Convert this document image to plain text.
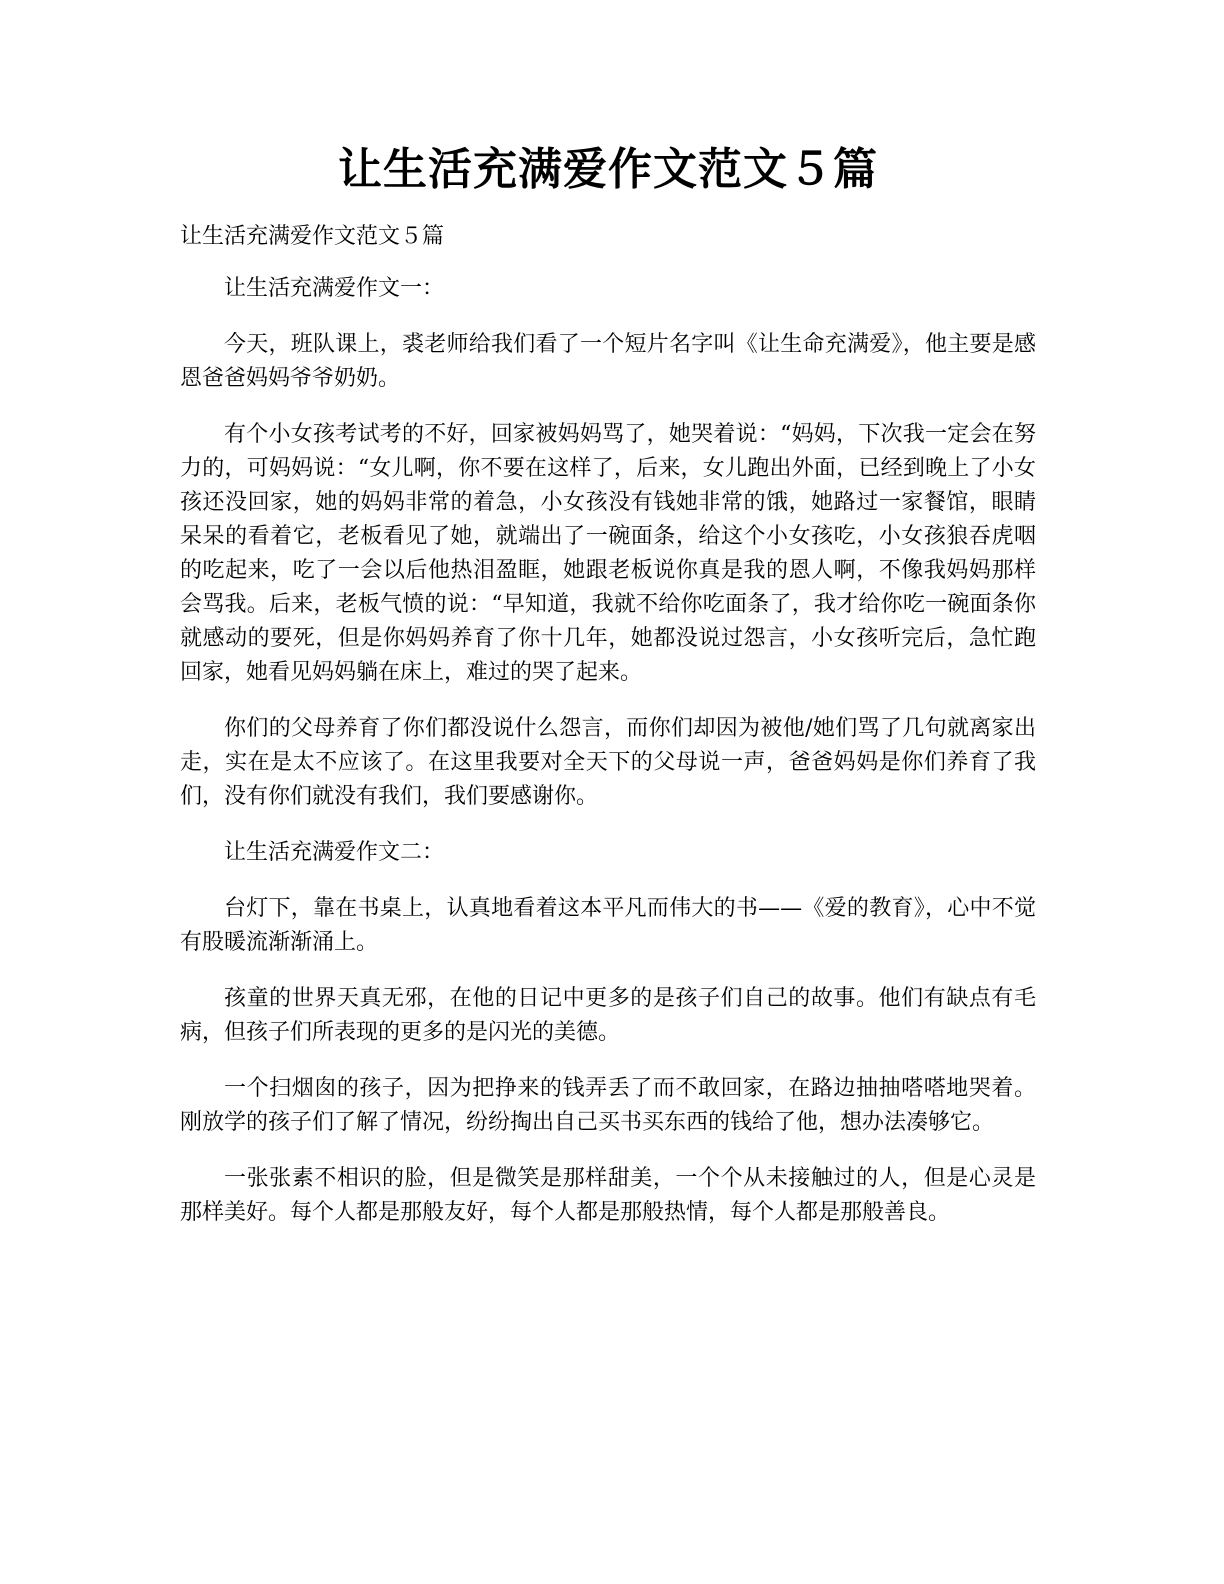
让生活充满爱作文范文５篇

让生活充满爱作文范文５篇

让生活充满爱作文一：

今天，班队课上，裘老师给我们看了一个短片名字叫《让生命充满爱》，他主要是感恩爸爸妈妈爷爷奶奶。

有个小女孩考试考的不好，回家被妈妈骂了，她哭着说：“妈妈，下次我一定会在努力的，可妈妈说：“女儿啊，你不要在这样了，后来，女儿跑出外面，已经到晚上了小女孩还没回家，她的妈妈非常的着急，小女孩没有钱她非常的饿，她路过一家餐馆，眼睛呆呆的看着它，老板看见了她，就端出了一碗面条，给这个小女孩吃，小女孩狼吞虎咽的吃起来，吃了一会以后他热泪盈眶，她跟老板说你真是我的恩人啊，不像我妈妈那样会骂我。后来，老板气愤的说：“早知道，我就不给你吃面条了，我才给你吃一碗面条你就感动的要死，但是你妈妈养育了你十几年，她都没说过怨言，小女孩听完后，急忙跑回家，她看见妈妈躺在床上，难过的哭了起来。

你们的父母养育了你们都没说什么怨言，而你们却因为被他/她们骂了几句就离家出走，实在是太不应该了。在这里我要对全天下的父母说一声，爸爸妈妈是你们养育了我们，没有你们就没有我们，我们要感谢你。

让生活充满爱作文二：

台灯下，靠在书桌上，认真地看着这本平凡而伟大的书——《爱的教育》，心中不觉有股暖流渐渐涌上。

孩童的世界天真无邪，在他的日记中更多的是孩子们自己的故事。他们有缺点有毛病，但孩子们所表现的更多的是闪光的美德。

一个扫烟囱的孩子，因为把挣来的钱弄丢了而不敢回家，在路边抽抽嗒嗒地哭着。刚放学的孩子们了解了情况，纷纷掏出自己买书买东西的钱给了他，想办法凑够它。

一张张素不相识的脸，但是微笑是那样甜美，一个个从未接触过的人，但是心灵是那样美好。每个人都是那般友好，每个人都是那般热情，每个人都是那般善良。
